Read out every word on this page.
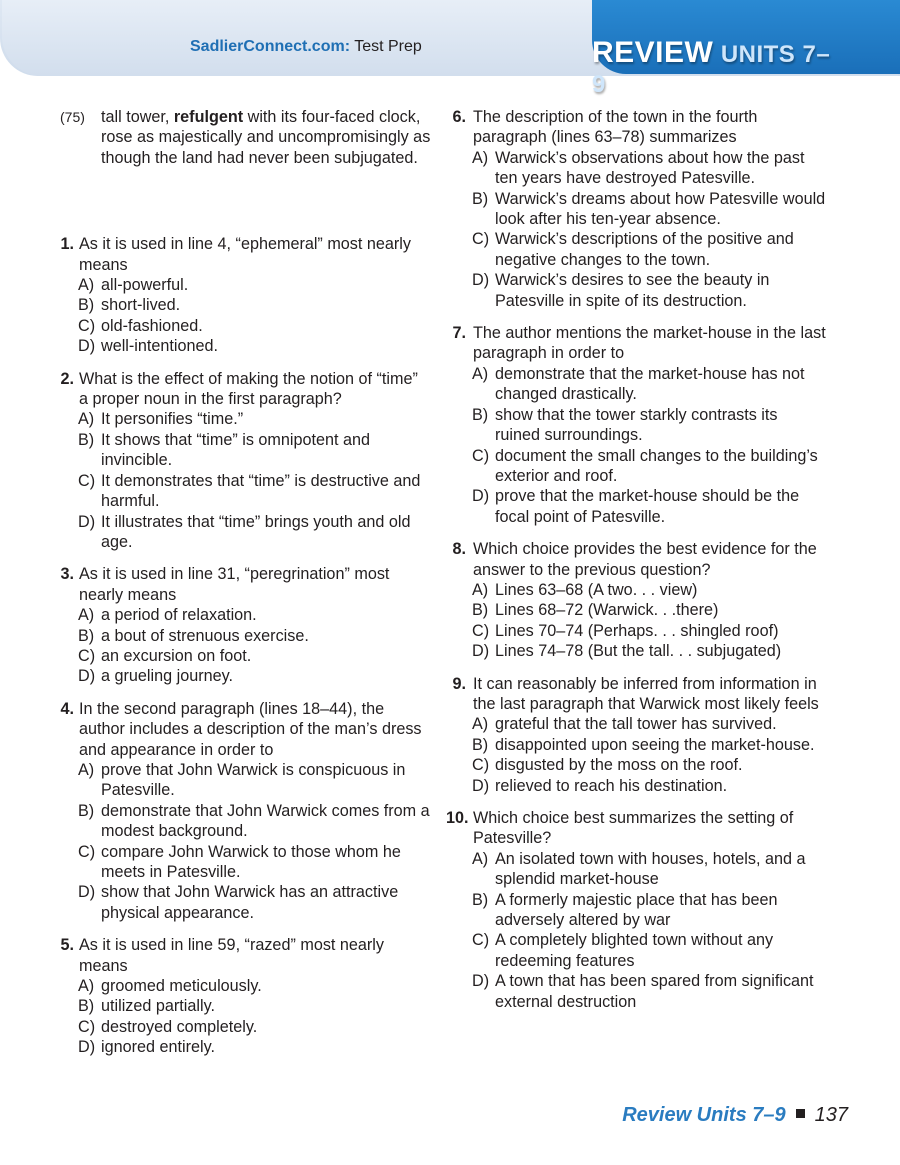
SadlierConnect.com: Test Prep	REVIEW UNITS 7–9
(75) tall tower, refulgent with its four-faced clock, rose as majestically and uncompromisingly as though the land had never been subjugated.
1. As it is used in line 4, “ephemeral” most nearly means
A) all-powerful.
B) short-lived.
C) old-fashioned.
D) well-intentioned.
2. What is the effect of making the notion of “time” a proper noun in the first paragraph?
A) It personifies “time.”
B) It shows that “time” is omnipotent and invincible.
C) It demonstrates that “time” is destructive and harmful.
D) It illustrates that “time” brings youth and old age.
3. As it is used in line 31, “peregrination” most nearly means
A) a period of relaxation.
B) a bout of strenuous exercise.
C) an excursion on foot.
D) a grueling journey.
4. In the second paragraph (lines 18–44), the author includes a description of the man’s dress and appearance in order to
A) prove that John Warwick is conspicuous in Patesville.
B) demonstrate that John Warwick comes from a modest background.
C) compare John Warwick to those whom he meets in Patesville.
D) show that John Warwick has an attractive physical appearance.
5. As it is used in line 59, “razed” most nearly means
A) groomed meticulously.
B) utilized partially.
C) destroyed completely.
D) ignored entirely.
6. The description of the town in the fourth paragraph (lines 63–78) summarizes
A) Warwick’s observations about how the past ten years have destroyed Patesville.
B) Warwick’s dreams about how Patesville would look after his ten-year absence.
C) Warwick’s descriptions of the positive and negative changes to the town.
D) Warwick’s desires to see the beauty in Patesville in spite of its destruction.
7. The author mentions the market-house in the last paragraph in order to
A) demonstrate that the market-house has not changed drastically.
B) show that the tower starkly contrasts its ruined surroundings.
C) document the small changes to the building’s exterior and roof.
D) prove that the market-house should be the focal point of Patesville.
8. Which choice provides the best evidence for the answer to the previous question?
A) Lines 63–68 (A two. . . view)
B) Lines 68–72 (Warwick. . .there)
C) Lines 70–74 (Perhaps. . . shingled roof)
D) Lines 74–78 (But the tall. . . subjugated)
9. It can reasonably be inferred from information in the last paragraph that Warwick most likely feels
A) grateful that the tall tower has survived.
B) disappointed upon seeing the market-house.
C) disgusted by the moss on the roof.
D) relieved to reach his destination.
10. Which choice best summarizes the setting of Patesville?
A) An isolated town with houses, hotels, and a splendid market-house
B) A formerly majestic place that has been adversely altered by war
C) A completely blighted town without any redeeming features
D) A town that has been spared from significant external destruction
Review Units 7–9 137
